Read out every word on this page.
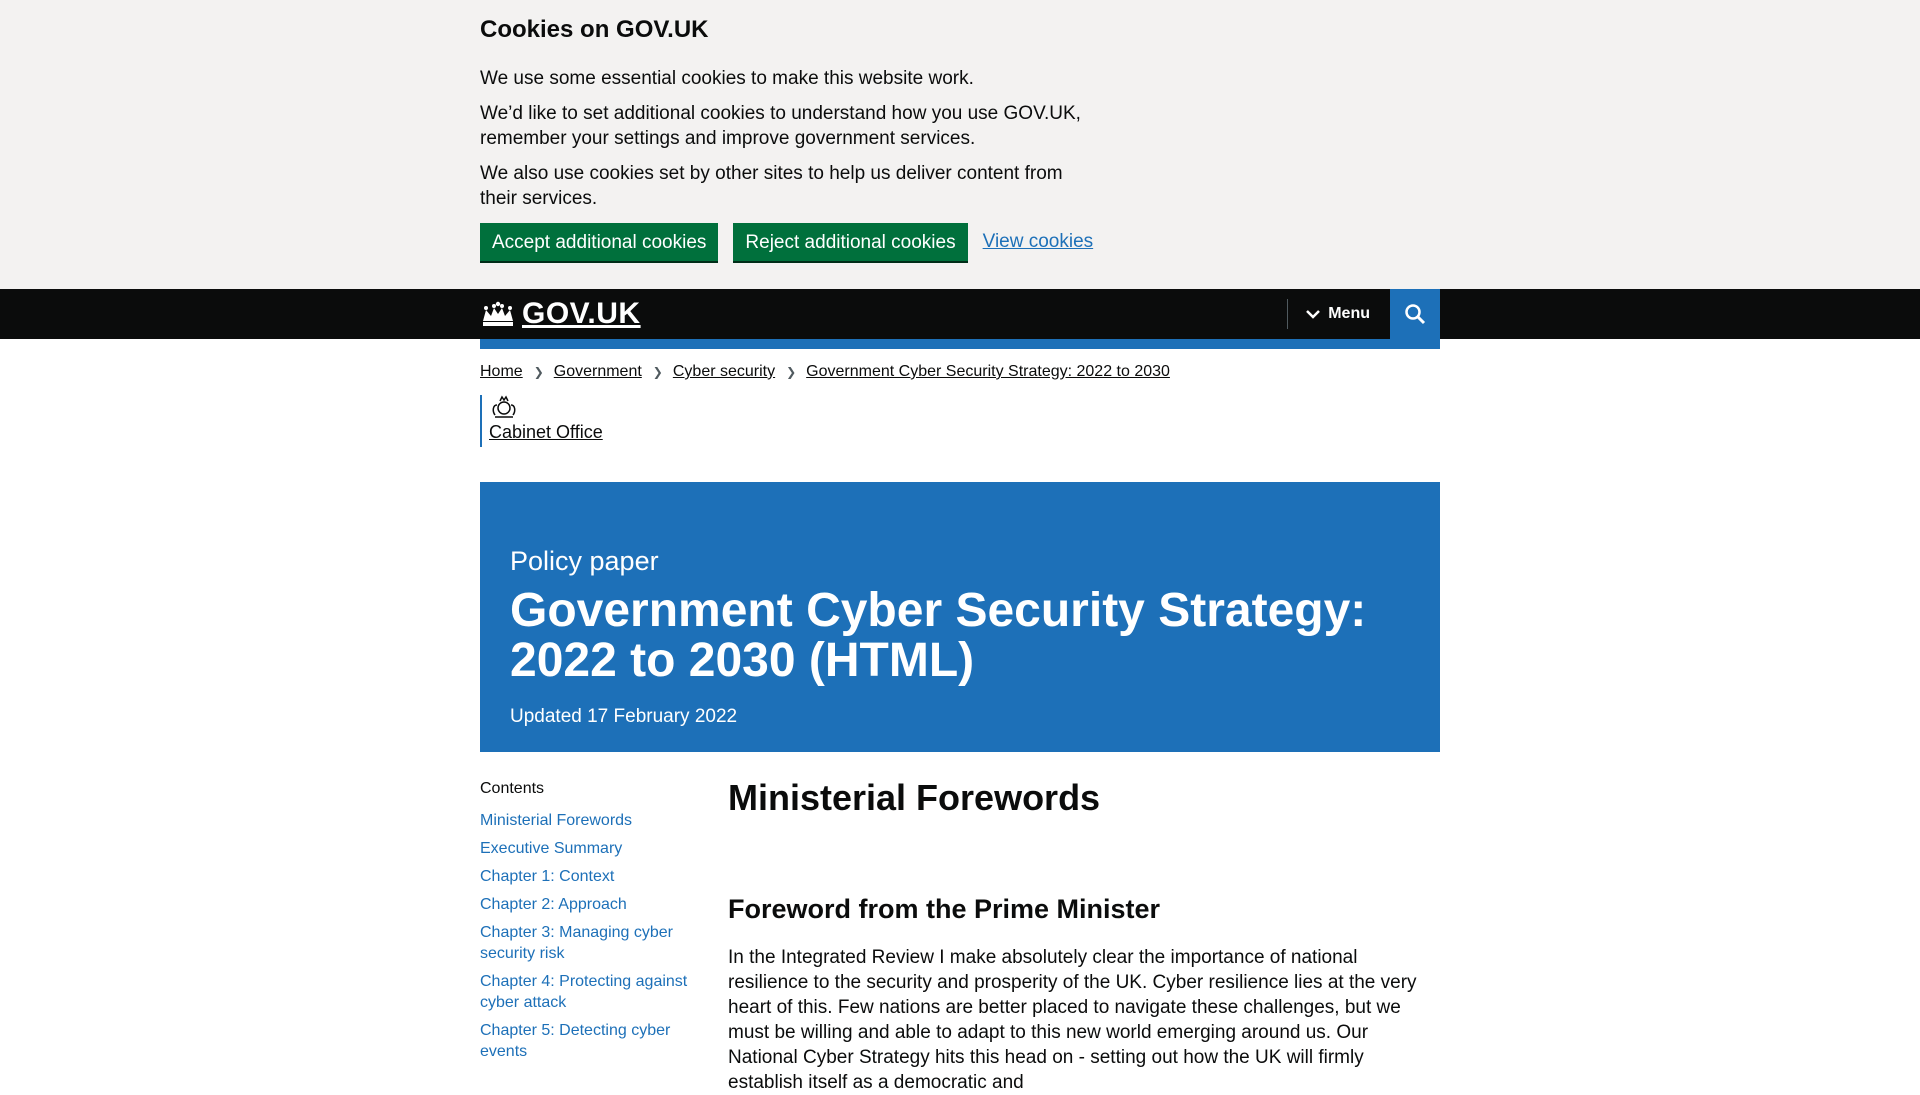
Cookies on GOV.UK

We use some essential cookies to make this website work.

We’d like to set additional cookies to understand how you use GOV.UK, remember your settings and improve government services.

We also use cookies set by other sites to help us deliver content from their services.

Accept additional cookies	Reject additional cookies	View cookies
GOV.UK	Menu
Home ❯ Government ❯ Cyber security ❯ Government Cyber Security Strategy: 2022 to 2030
Cabinet Office
Policy paper
Government Cyber Security Strategy: 2022 to 2030 (HTML)
Updated 17 February 2022
Contents
Ministerial Forewords
Executive Summary
Chapter 1: Context
Chapter 2: Approach
Chapter 3: Managing cyber security risk
Chapter 4: Protecting against cyber attack
Chapter 5: Detecting cyber events
Ministerial Forewords
Foreword from the Prime Minister

In the Integrated Review I make absolutely clear the importance of national resilience to the security and prosperity of the UK. Cyber resilience lies at the very heart of this. Few nations are better placed to navigate these challenges, but we must be willing and able to adapt to this new world emerging around us. Our National Cyber Strategy hits this head on - setting out how the UK will firmly establish itself as a democratic and
